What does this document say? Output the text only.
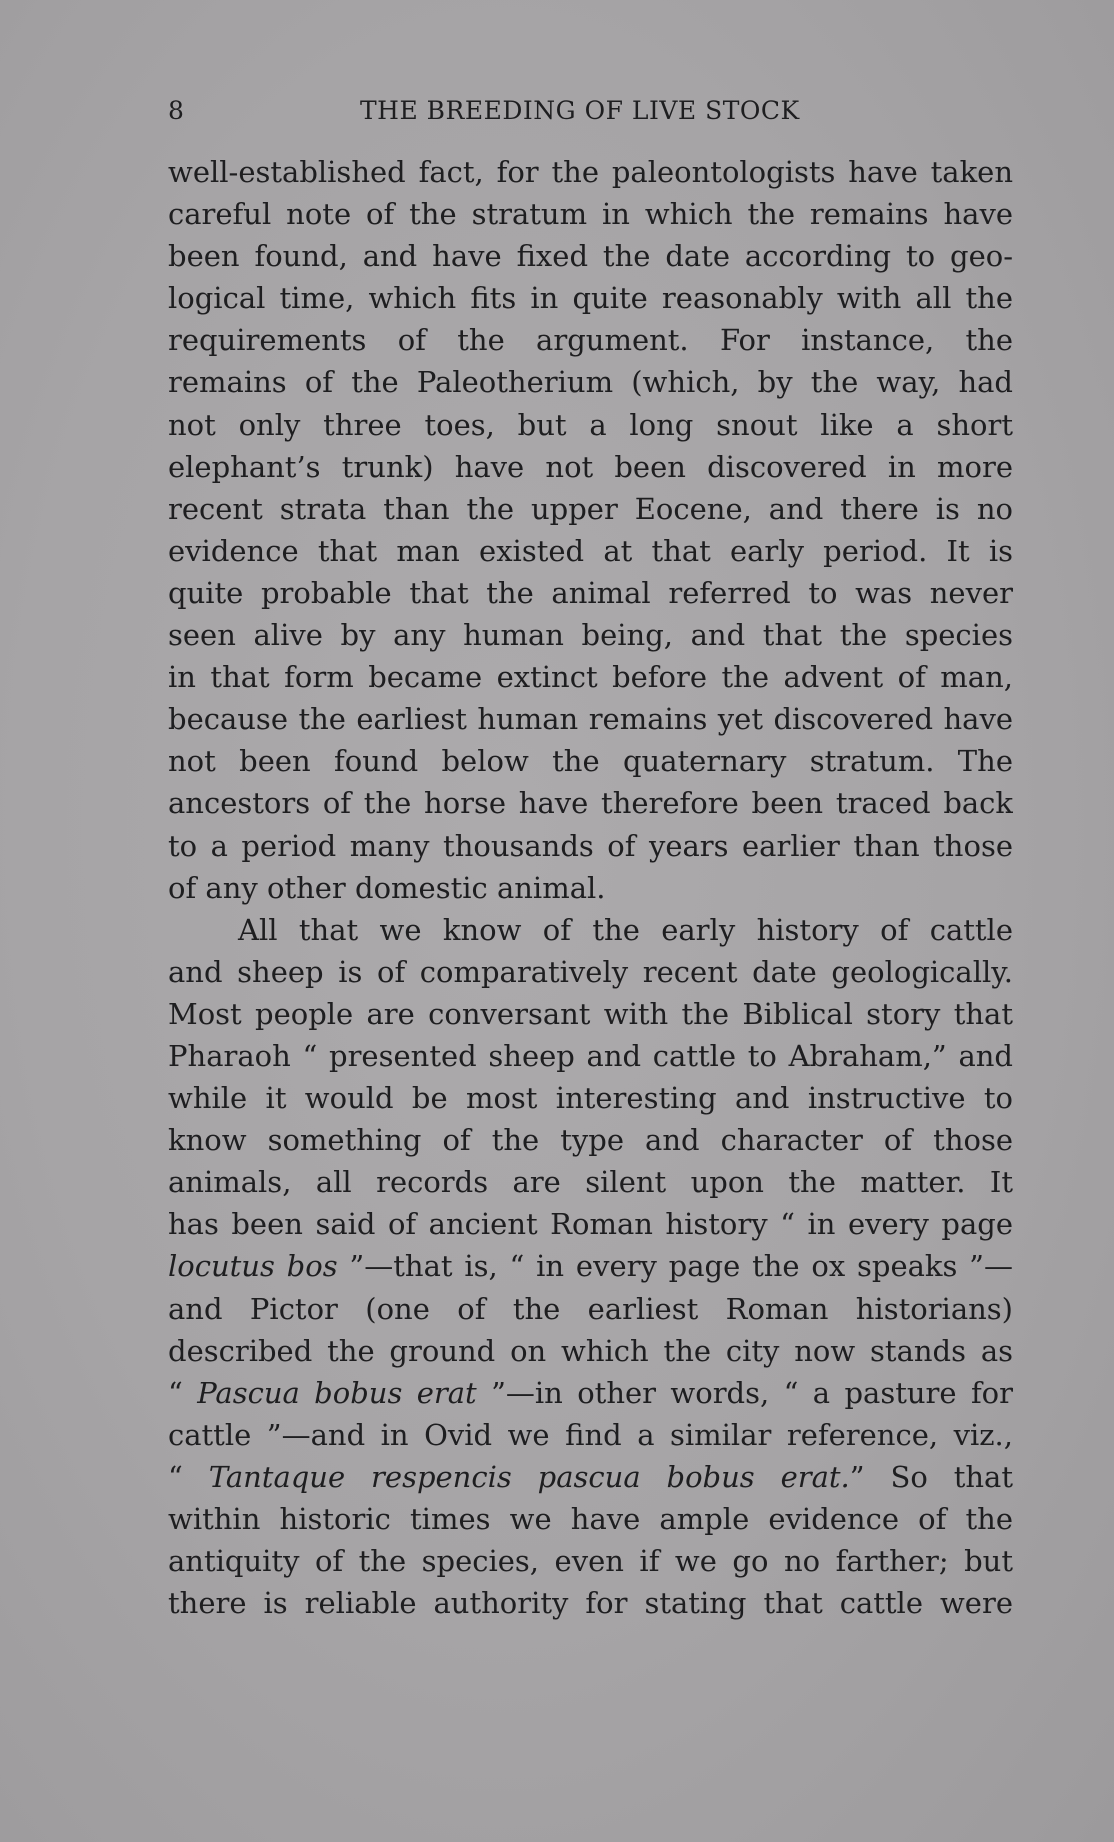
8	THE BREEDING OF LIVE STOCK
well-established fact, for the paleontologists have taken
careful note of the stratum in which the remains have
been found, and have fixed the date according to geo-
logical time, which fits in quite reasonably with all the
requirements of the argument. For instance, the
remains of the Paleotherium (which, by the way, had
not only three toes, but a long snout like a short
elephant’s trunk) have not been discovered in more
recent strata than the upper Eocene, and there is no
evidence that man existed at that early period. It is
quite probable that the animal referred to was never
seen alive by any human being, and that the species
in that form became extinct before the advent of man,
because the earliest human remains yet discovered have
not been found below the quaternary stratum. The
ancestors of the horse have therefore been traced back
to a period many thousands of years earlier than those
of any other domestic animal.
All that we know of the early history of cattle
and sheep is of comparatively recent date geologically.
Most people are conversant with the Biblical story that
Pharaoh “ presented sheep and cattle to Abraham,” and
while it would be most interesting and instructive to
know something of the type and character of those
animals, all records are silent upon the matter. It
has been said of ancient Roman history “ in every page
locutus bos ”—that is, “ in every page the ox speaks ”—
and Pictor (one of the earliest Roman historians)
described the ground on which the city now stands as
“ Pascua bobus erat ”—in other words, “ a pasture for
cattle ”—and in Ovid we find a similar reference, viz.,
“ Tantaque respencis pascua bobus erat.” So that
within historic times we have ample evidence of the
antiquity of the species, even if we go no farther; but
there is reliable authority for stating that cattle were
